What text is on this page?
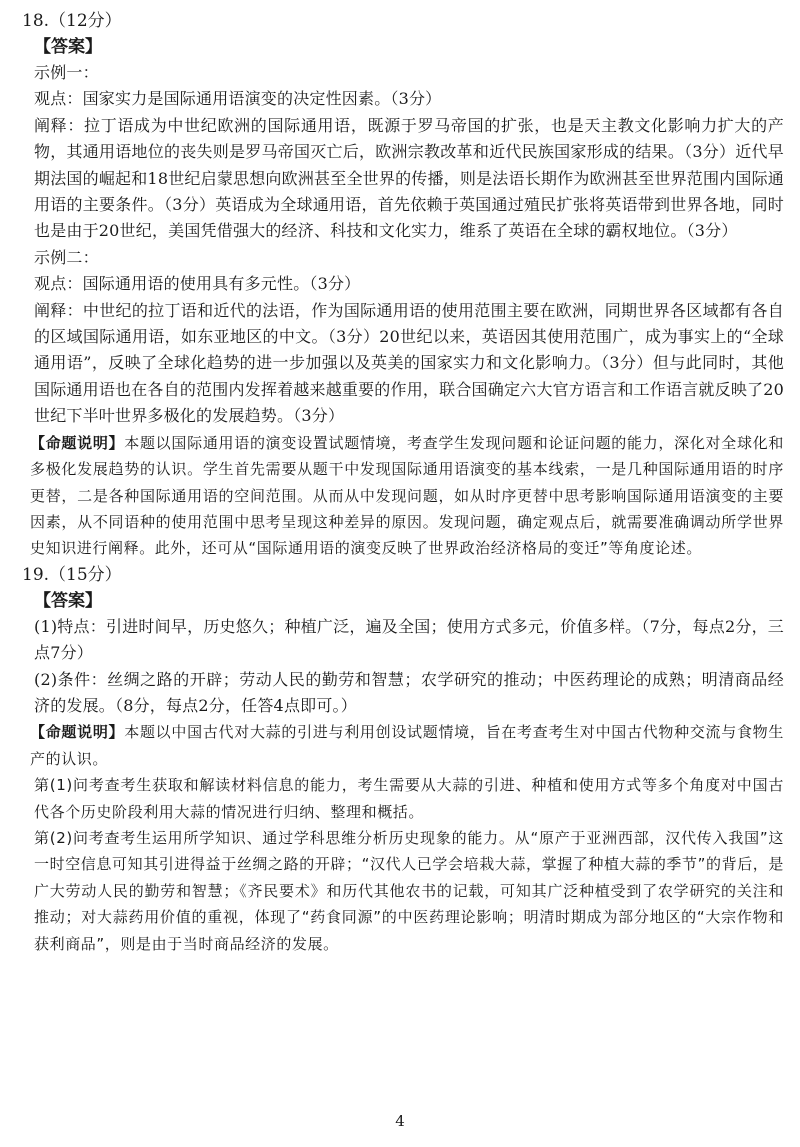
18.（12分）
【答案】
示例一：
观点：国家实力是国际通用语演变的决定性因素。（3分）
阐释：拉丁语成为中世纪欧洲的国际通用语，既源于罗马帝国的扩张，也是天主教文化影响力扩大的产物，其通用语地位的丧失则是罗马帝国灭亡后，欧洲宗教改革和近代民族国家形成的结果。（3分）近代早期法国的崛起和18世纪启蒙思想向欧洲甚至全世界的传播，则是法语长期作为欧洲甚至世界范围内国际通用语的主要条件。（3分）英语成为全球通用语，首先依赖于英国通过殖民扩张将英语带到世界各地，同时也是由于20世纪，美国凭借强大的经济、科技和文化实力，维系了英语在全球的霸权地位。（3分）
示例二：
观点：国际通用语的使用具有多元性。（3分）
阐释：中世纪的拉丁语和近代的法语，作为国际通用语的使用范围主要在欧洲，同期世界各区域都有各自的区域国际通用语，如东亚地区的中文。（3分）20世纪以来，英语因其使用范围广，成为事实上的“全球通用语”，反映了全球化趋势的进一步加强以及英美的国家实力和文化影响力。（3分）但与此同时，其他国际通用语也在各自的范围内发挥着越来越重要的作用，联合国确定六大官方语言和工作语言就反映了20世纪下半叶世界多极化的发展趋势。（3分）
【命题说明】本题以国际通用语的演变设置试题情境，考查学生发现问题和论证问题的能力，深化对全球化和多极化发展趋势的认识。学生首先需要从题干中发现国际通用语演变的基本线索，一是几种国际通用语的时序更替，二是各种国际通用语的空间范围。从而从中发现问题，如从时序更替中思考影响国际通用语演变的主要因素，从不同语种的使用范围中思考呈现这种差异的原因。发现问题，确定观点后，就需要准确调动所学世界史知识进行阐释。此外，还可从“国际通用语的演变反映了世界政治经济格局的变迁”等角度论述。
19.（15分）
【答案】
(1)特点：引进时间早，历史悠久；种植广泛，遍及全国；使用方式多元，价值多样。（7分，每点2分，三点7分）
(2)条件：丝绸之路的开辟；劳动人民的勤劳和智慧；农学研究的推动；中医药理论的成熟；明清商品经济的发展。（8分，每点2分，任答4点即可。）
【命题说明】本题以中国古代对大蒜的引进与利用创设试题情境，旨在考查考生对中国古代物种交流与食物生产的认识。
第(1)问考查考生获取和解读材料信息的能力，考生需要从大蒜的引进、种植和使用方式等多个角度对中国古代各个历史阶段利用大蒜的情况进行归纳、整理和概括。
第(2)问考查考生运用所学知识、通过学科思维分析历史现象的能力。从“原产于亚洲西部，汉代传入我国”这一时空信息可知其引进得益于丝绸之路的开辟；“汉代人已学会培栽大蒜，掌握了种植大蒜的季节”的背后，是广大劳动人民的勤劳和智慧；《齐民要术》和历代其他农书的记载，可知其广泛种植受到了农学研究的关注和推动；对大蒜药用价值的重视，体现了“药食同源”的中医药理论影响；明清时期成为部分地区的“大宗作物和获利商品”，则是由于当时商品经济的发展。
4
